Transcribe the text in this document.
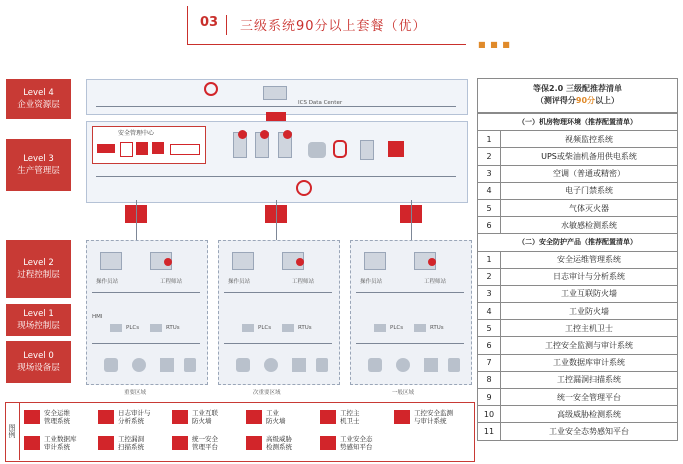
03 三级系统90分以上套餐（优）
■ ■ ■
Level 4
企业资源层
Level 3
生产管理层
Level 2
过程控制层
Level 1
现场控制层
Level 0
现场设备层
ICS Data Center
安全管理中心
操作员站	工程师站
HMI
PLCs	RTUs
操作员站	工程师站
PLCs	RTUs
操作员站	工程师站
PLCs	RTUs
重要区域	次重要区域	一般区域
等保2.0 三级配推荐清单
（测评得分90分以上）
（一）机房物理环境（推荐配置清单）	
1	视频监控系统
2	UPS或柴油机备用供电系统
3	空调（普通或精密）
4	电子门禁系统
5	气体灭火器
6	水敏感检测系统
（二）安全防护产品（推荐配置清单）	
1	安全运维管理系统
2	日志审计与分析系统
3	工业互联防火墙
4	工业防火墙
5	工控主机卫士
6	工控安全监测与审计系统
7	工业数据库审计系统
8	工控漏洞扫描系统
9	统一安全管理平台
10	高级威胁检测系统
11	工业安全态势感知平台
图例
安全运维
管理系统
日志审计与
分析系统
工业互联
防火墙
工业
防火墙
工控主
机卫士
工控安全监测
与审计系统
工业数据库
审计系统
工控漏洞
扫描系统
统一安全
管理平台
高级威胁
检测系统
工业安全态
势感知平台
